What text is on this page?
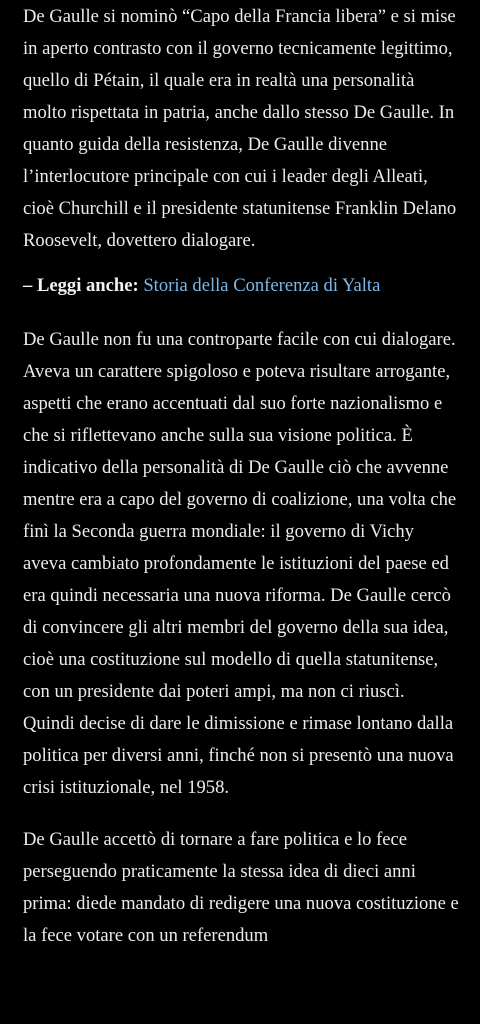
De Gaulle si nominò “Capo della Francia libera” e si mise in aperto contrasto con il governo tecnicamente legittimo, quello di Pétain, il quale era in realtà una personalità molto rispettata in patria, anche dallo stesso De Gaulle. In quanto guida della resistenza, De Gaulle divenne l’interlocutore principale con cui i leader degli Alleati, cioè Churchill e il presidente statunitense Franklin Delano Roosevelt, dovettero dialogare.

– Leggi anche: Storia della Conferenza di Yalta

De Gaulle non fu una controparte facile con cui dialogare. Aveva un carattere spigoloso e poteva risultare arrogante, aspetti che erano accentuati dal suo forte nazionalismo e che si riflettevano anche sulla sua visione politica. È indicativo della personalità di De Gaulle ciò che avvenne mentre era a capo del governo di coalizione, una volta che finì la Seconda guerra mondiale: il governo di Vichy aveva cambiato profondamente le istituzioni del paese ed era quindi necessaria una nuova riforma. De Gaulle cercò di convincere gli altri membri del governo della sua idea, cioè una costituzione sul modello di quella statunitense, con un presidente dai poteri ampi, ma non ci riuscì. Quindi decise di dare le dimissione e rimase lontano dalla politica per diversi anni, finché non si presentò una nuova crisi istituzionale, nel 1958.

De Gaulle accettò di tornare a fare politica e lo fece perseguendo praticamente la stessa idea di dieci anni prima: diede mandato di redigere una nuova costituzione e la fece votare con un referendum
